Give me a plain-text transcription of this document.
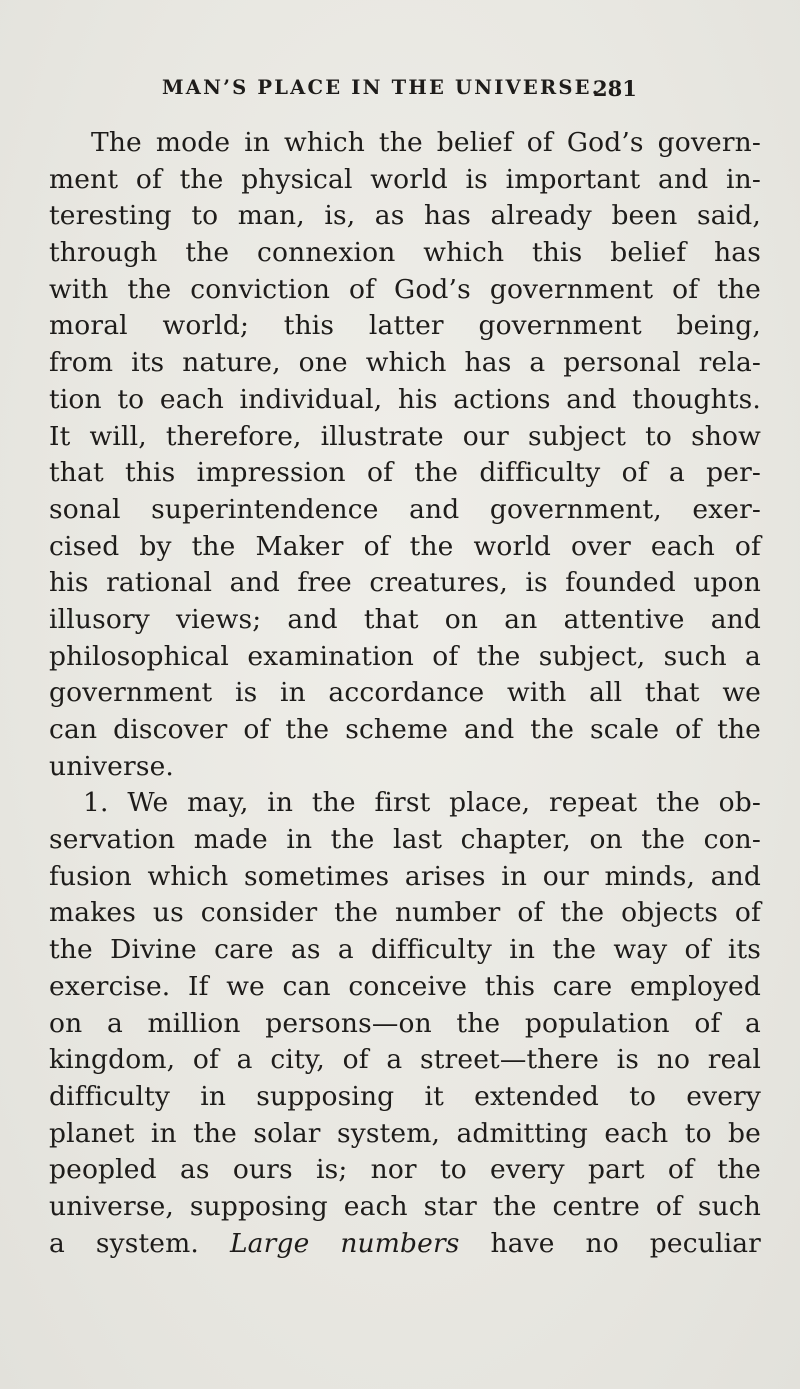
MAN’S PLACE IN THE UNIVERSE.
281
The mode in which the belief of God’s govern-
ment of the physical world is important and in-
teresting to man, is, as has already been said,
through the connexion which this belief has
with the conviction of God’s government of the
moral world; this latter government being,
from its nature, one which has a personal rela-
tion to each individual, his actions and thoughts.
It will, therefore, illustrate our subject to show
that this impression of the difficulty of a per-
sonal superintendence and government, exer-
cised by the Maker of the world over each of
his rational and free creatures, is founded upon
illusory views; and that on an attentive and
philosophical examination of the subject, such a
government is in accordance with all that we
can discover of the scheme and the scale of the
universe.
1. We may, in the first place, repeat the ob-
servation made in the last chapter, on the con-
fusion which sometimes arises in our minds, and
makes us consider the number of the objects of
the Divine care as a difficulty in the way of its
exercise. If we can conceive this care employed
on a million persons—on the population of a
kingdom, of a city, of a street—there is no real
difficulty in supposing it extended to every
planet in the solar system, admitting each to be
peopled as ours is; nor to every part of the
universe, supposing each star the centre of such
a system. Large numbers have no peculiar
